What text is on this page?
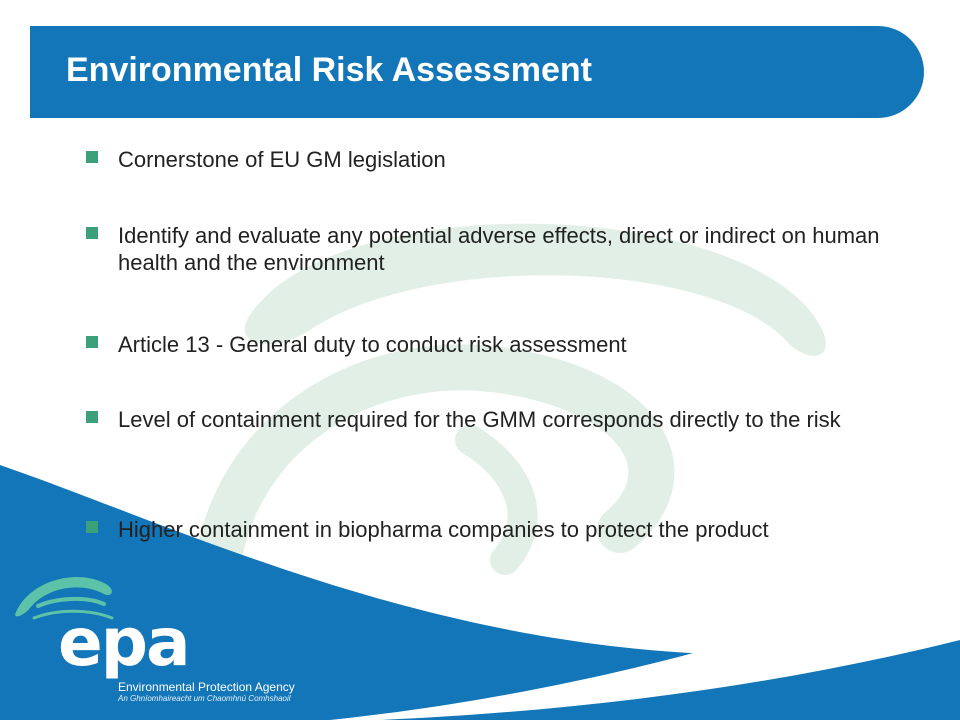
Environmental Risk Assessment
Cornerstone of EU GM legislation
Identify and evaluate any potential adverse effects, direct or indirect on human health and the environment
Article 13 - General duty to conduct risk assessment
Level of containment required for the GMM corresponds directly to the risk
Higher containment in biopharma companies to protect the product

epa

Environmental Protection Agency
An Ghníomhaireacht um Chaomhnú Comhshaoil
